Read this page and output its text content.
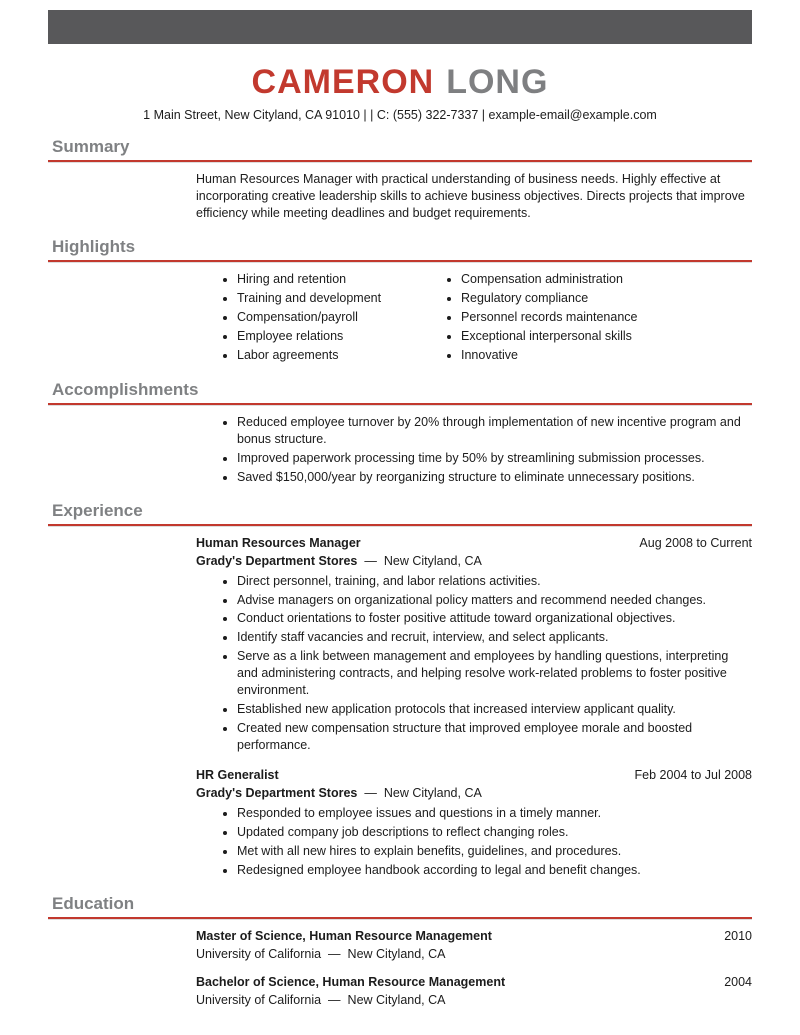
CAMERON LONG
1 Main Street, New Cityland, CA 91010 | | C: (555) 322-7337 | example-email@example.com
Summary

Human Resources Manager with practical understanding of business needs. Highly effective at incorporating creative leadership skills to achieve business objectives. Directs projects that improve efficiency while meeting deadlines and budget requirements.

Highlights
• Hiring and retention
• Training and development
• Compensation/payroll
• Employee relations
• Labor agreements
• Compensation administration
• Regulatory compliance
• Personnel records maintenance
• Exceptional interpersonal skills
• Innovative
Accomplishments
• Reduced employee turnover by 20% through implementation of new incentive program and bonus structure.
• Improved paperwork processing time by 50% by streamlining submission processes.
• Saved $150,000/year by reorganizing structure to eliminate unnecessary positions.
Experience
Human Resources Manager	Aug 2008 to Current
Grady's Department Stores — New Cityland, CA
• Direct personnel, training, and labor relations activities.
• Advise managers on organizational policy matters and recommend needed changes.
• Conduct orientations to foster positive attitude toward organizational objectives.
• Identify staff vacancies and recruit, interview, and select applicants.
• Serve as a link between management and employees by handling questions, interpreting and administering contracts, and helping resolve work-related problems to foster positive environment.
• Established new application protocols that increased interview applicant quality.
• Created new compensation structure that improved employee morale and boosted performance.
HR Generalist	Feb 2004 to Jul 2008
Grady's Department Stores — New Cityland, CA
• Responded to employee issues and questions in a timely manner.
• Updated company job descriptions to reflect changing roles.
• Met with all new hires to explain benefits, guidelines, and procedures.
• Redesigned employee handbook according to legal and benefit changes.
Education
Master of Science, Human Resource Management	2010
University of California — New Cityland, CA
Bachelor of Science, Human Resource Management	2004
University of California — New Cityland, CA
